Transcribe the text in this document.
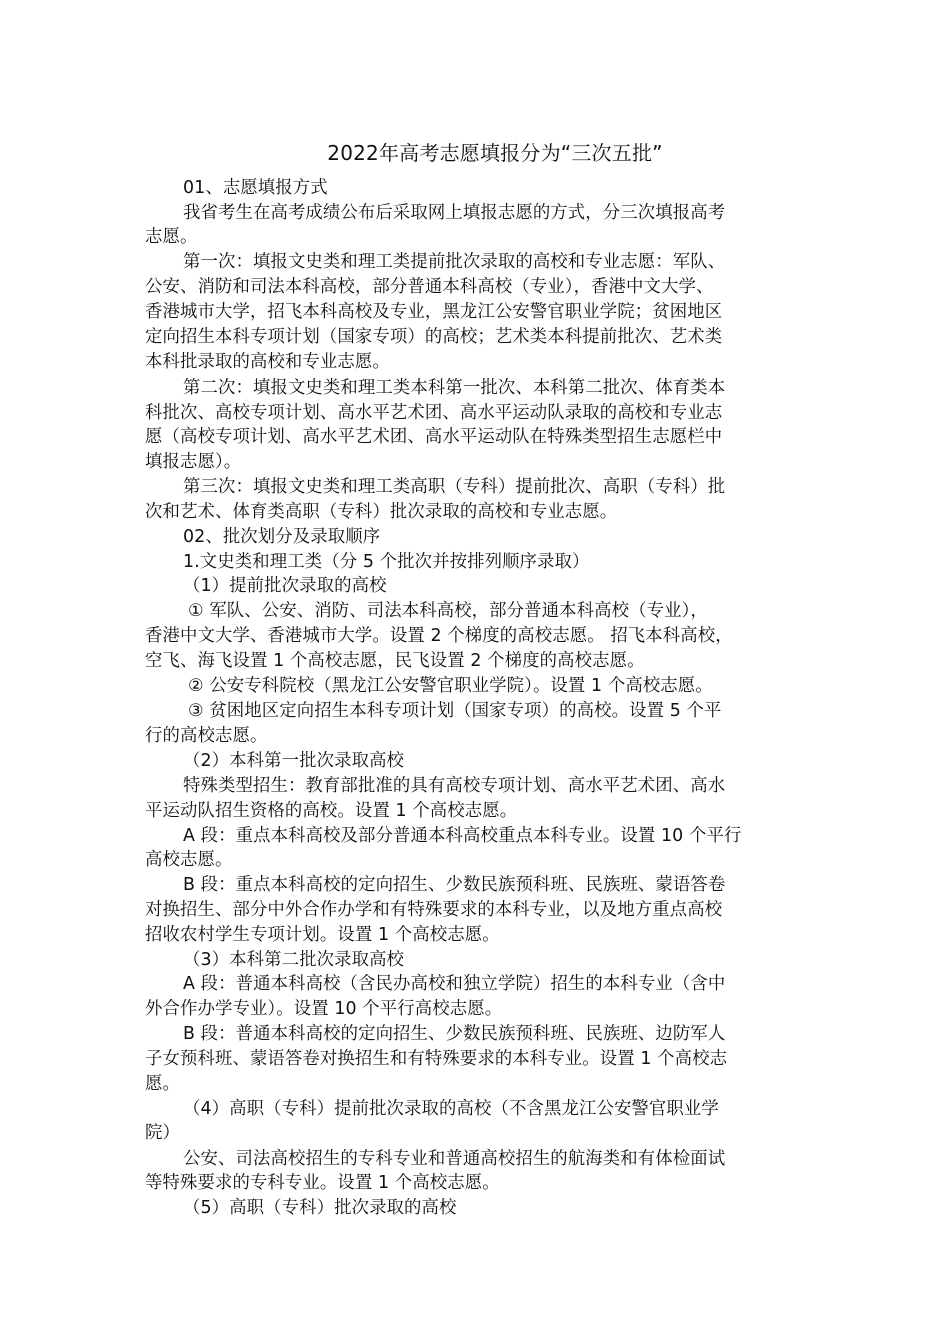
2022年高考志愿填报分为“三次五批”
01、志愿填报方式
我省考生在高考成绩公布后采取网上填报志愿的方式，分三次填报高考
志愿。
第一次：填报文史类和理工类提前批次录取的高校和专业志愿：军队、
公安、消防和司法本科高校，部分普通本科高校（专业），香港中文大学、
香港城市大学，招飞本科高校及专业，黑龙江公安警官职业学院；贫困地区
定向招生本科专项计划（国家专项）的高校；艺术类本科提前批次、艺术类
本科批录取的高校和专业志愿。
第二次：填报文史类和理工类本科第一批次、本科第二批次、体育类本
科批次、高校专项计划、高水平艺术团、高水平运动队录取的高校和专业志
愿（高校专项计划、高水平艺术团、高水平运动队在特殊类型招生志愿栏中
填报志愿）。
第三次：填报文史类和理工类高职（专科）提前批次、高职（专科）批
次和艺术、体育类高职（专科）批次录取的高校和专业志愿。
02、批次划分及录取顺序
1.文史类和理工类（分 5 个批次并按排列顺序录取）
（1）提前批次录取的高校
① 军队、公安、消防、司法本科高校，部分普通本科高校（专业），
香港中文大学、香港城市大学。设置 2 个梯度的高校志愿。 招飞本科高校，
空飞、海飞设置 1 个高校志愿，民飞设置 2 个梯度的高校志愿。
② 公安专科院校（黑龙江公安警官职业学院）。设置 1 个高校志愿。
③ 贫困地区定向招生本科专项计划（国家专项）的高校。设置 5 个平
行的高校志愿。
（2）本科第一批次录取高校
特殊类型招生：教育部批准的具有高校专项计划、高水平艺术团、高水
平运动队招生资格的高校。设置 1 个高校志愿。
A 段：重点本科高校及部分普通本科高校重点本科专业。设置 10 个平行
高校志愿。
B 段：重点本科高校的定向招生、少数民族预科班、民族班、蒙语答卷
对换招生、部分中外合作办学和有特殊要求的本科专业，以及地方重点高校
招收农村学生专项计划。设置 1 个高校志愿。
（3）本科第二批次录取高校
A 段：普通本科高校（含民办高校和独立学院）招生的本科专业（含中
外合作办学专业）。设置 10 个平行高校志愿。
B 段：普通本科高校的定向招生、少数民族预科班、民族班、边防军人
子女预科班、蒙语答卷对换招生和有特殊要求的本科专业。设置 1 个高校志
愿。
（4）高职（专科）提前批次录取的高校（不含黑龙江公安警官职业学
院）
公安、司法高校招生的专科专业和普通高校招生的航海类和有体检面试
等特殊要求的专科专业。设置 1 个高校志愿。
（5）高职（专科）批次录取的高校
